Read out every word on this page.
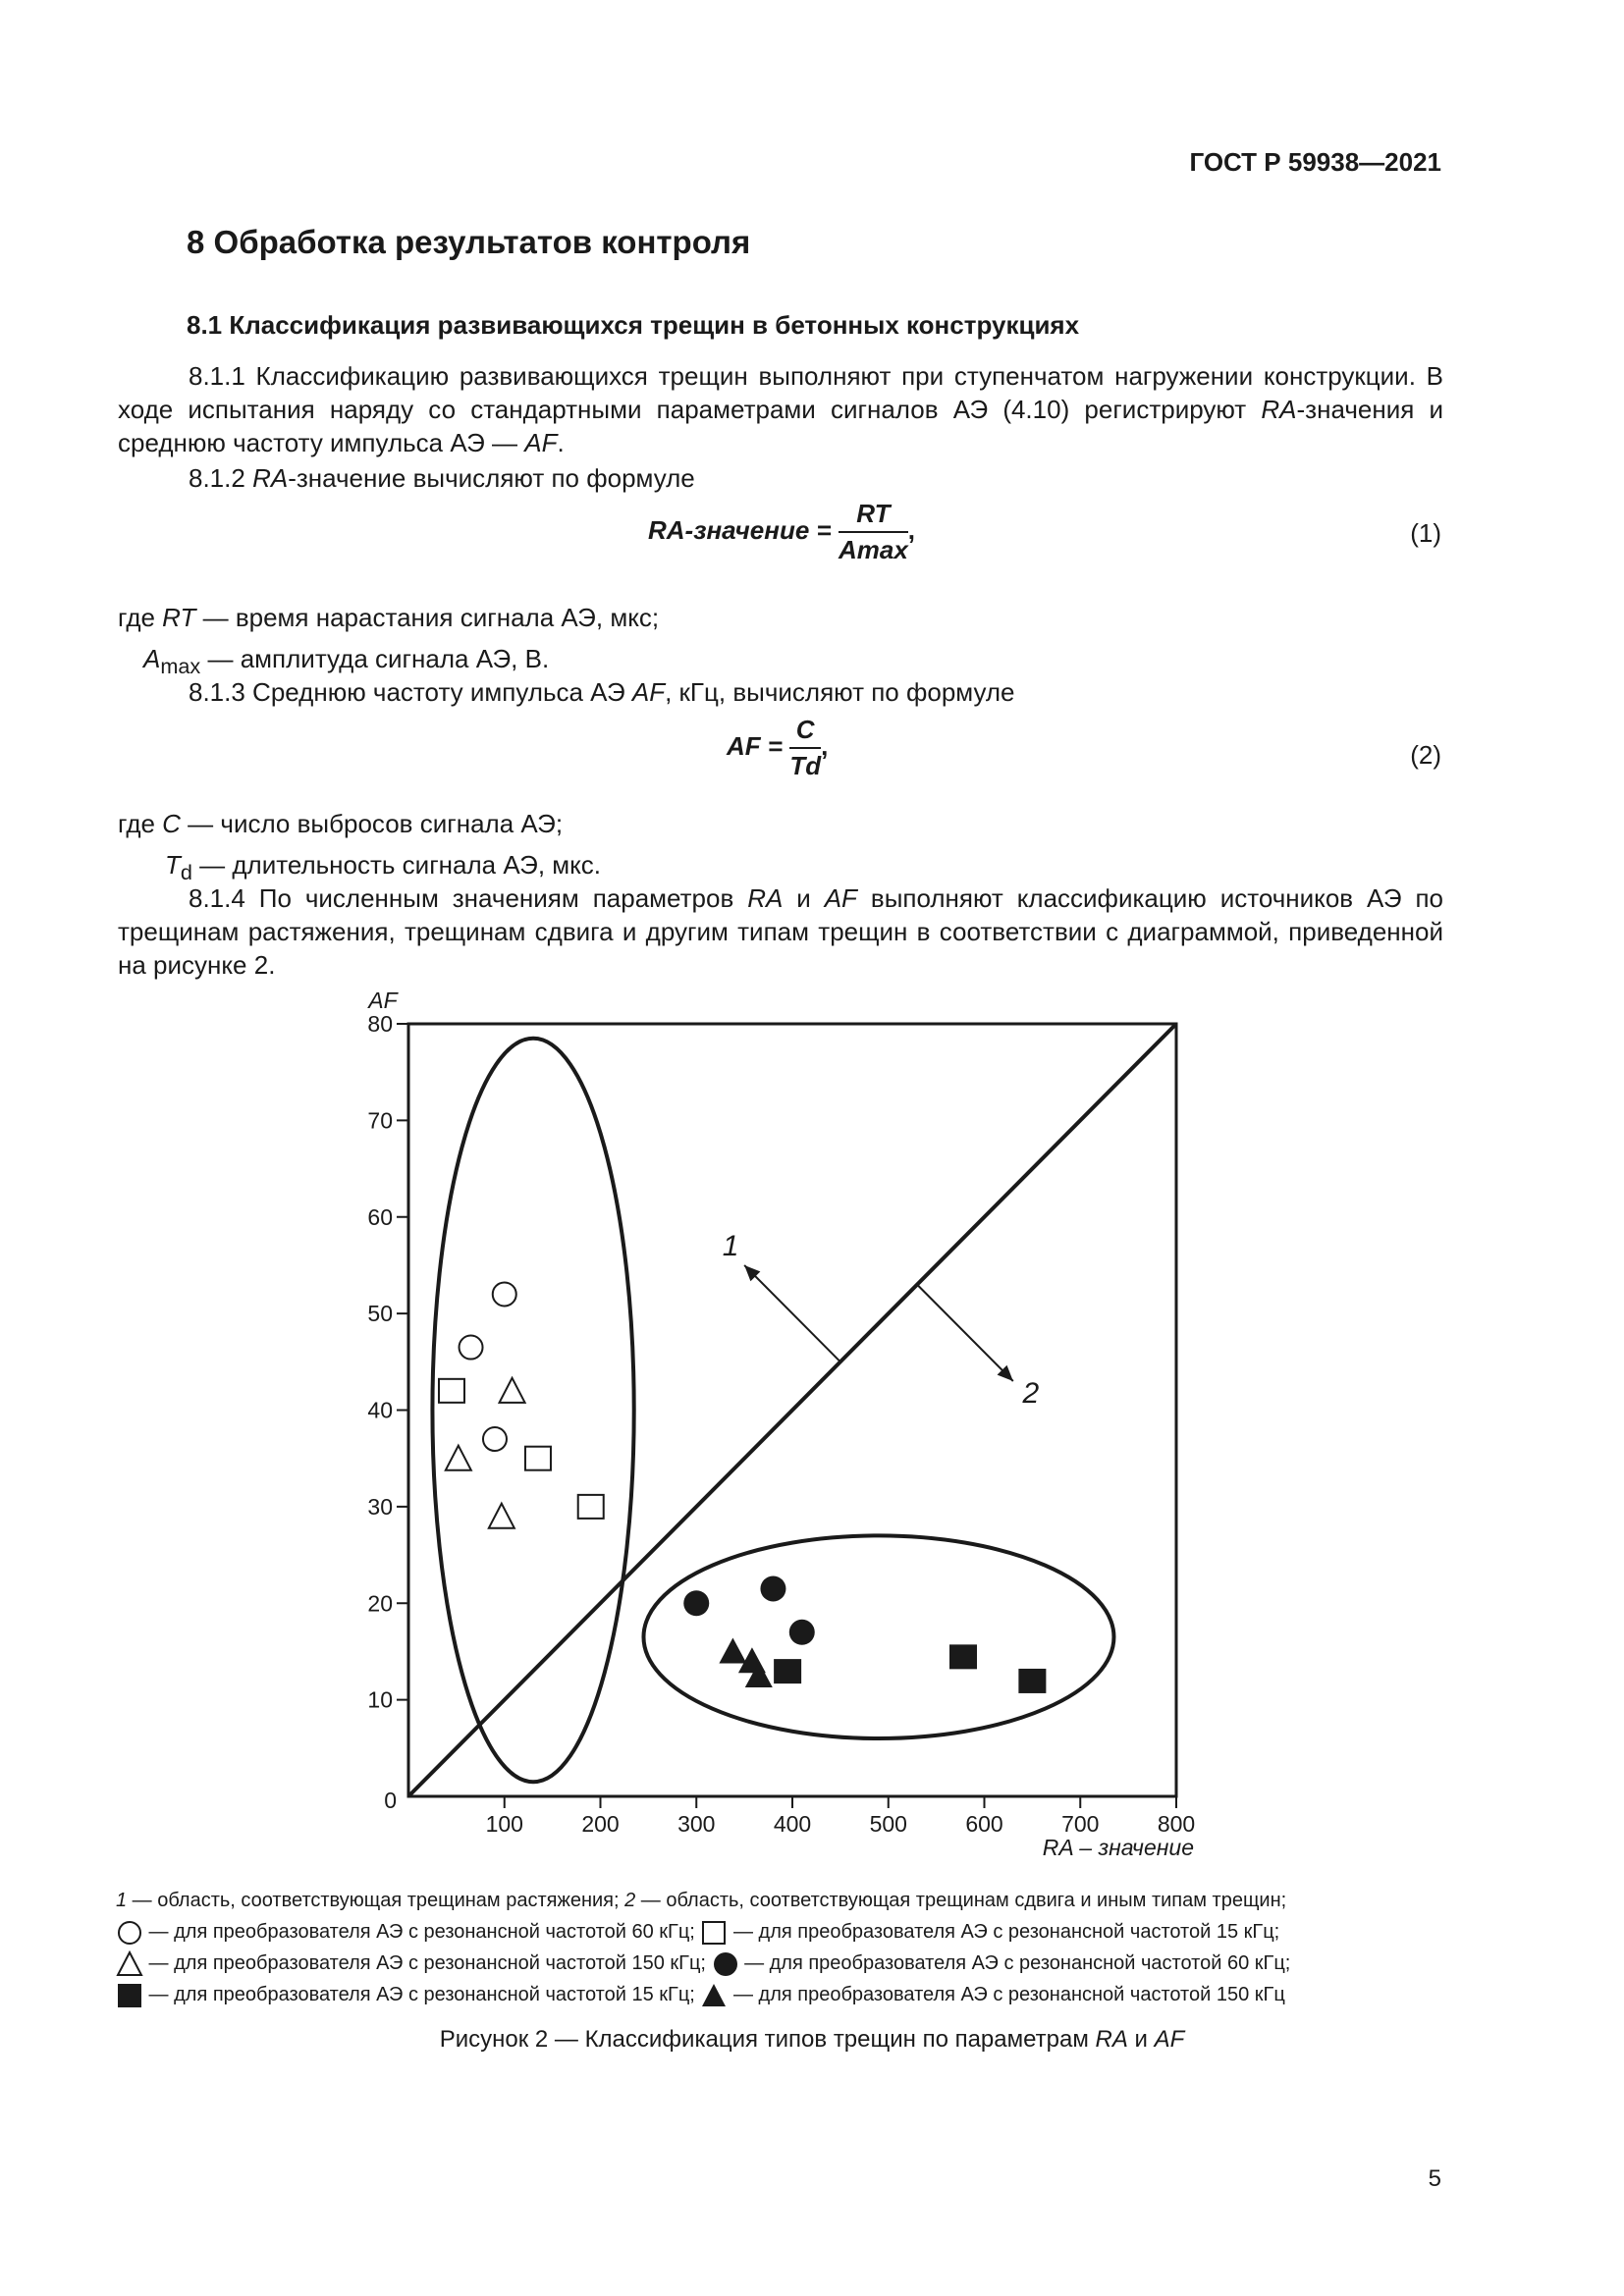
ГОСТ Р 59938—2021
8 Обработка результатов контроля
8.1 Классификация развивающихся трещин в бетонных конструкциях
8.1.1 Классификацию развивающихся трещин выполняют при ступенчатом нагружении конструкции. В ходе испытания наряду со стандартными параметрами сигналов АЭ (4.10) регистрируют RA-значения и среднюю частоту импульса АЭ — AF.
8.1.2 RA-значение вычисляют по формуле
RA-значение = $\frac{RT}{Amax}$ ,	(1)
где RT — время нарастания сигнала АЭ, мкс;
$A_{max}$ — амплитуда сигнала АЭ, В.
8.1.3 Среднюю частоту импульса АЭ AF, кГц, вычисляют по формуле
AF = $\frac{C}{Td}$ ,	(2)
где C — число выбросов сигнала АЭ;
$T_d$ — длительность сигнала АЭ, мкс.
8.1.4 По численным значениям параметров RA и AF выполняют классификацию источников АЭ по трещинам растяжения, трещинам сдвига и другим типам трещин в соответствии с диаграммой, приведенной на рисунке 2.
10
20
30
40
50
60
70
80
100	200	300	400	500	600	700	800
0
AF
RA – значение
1
2
1 — область, соответствующая трещинам растяжения; 2 — область, соответствующая трещинам сдвига и иным типам трещин;
— для преобразователя АЭ с резонансной частотой 60 кГц;  — для преобразователя АЭ с резонансной частотой 15 кГц;
— для преобразователя АЭ с резонансной частотой 150 кГц;  — для преобразователя АЭ с резонансной частотой 60 кГц;
— для преобразователя АЭ с резонансной частотой 15 кГц;  — для преобразователя АЭ с резонансной частотой 150 кГц
Рисунок 2 — Классификация типов трещин по параметрам RA и AF
5
